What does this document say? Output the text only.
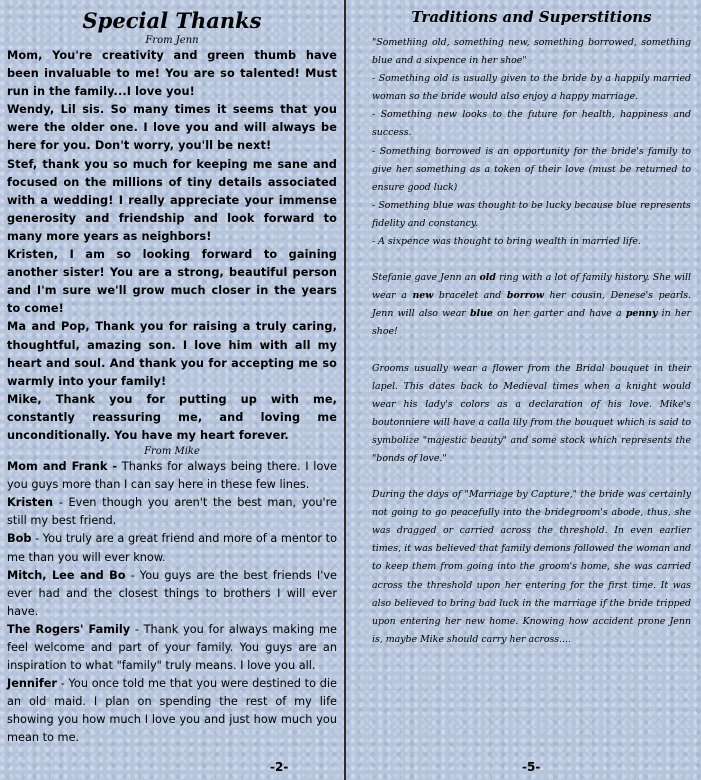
Special Thanks

From Jenn

Mom, You're creativity and green thumb have been invaluable to me! You are so talented! Must run in the family...I love you!

Wendy, Lil sis. So many times it seems that you were the older one. I love you and will always be here for you. Don't worry, you'll be next!

Stef, thank you so much for keeping me sane and focused on the millions of tiny details associated with a wedding! I really appreciate your immense generosity and friendship and look forward to many more years as neighbors!

Kristen, I am so looking forward to gaining another sister! You are a strong, beautiful person and I'm sure we'll grow much closer in the years to come!

Ma and Pop, Thank you for raising a truly caring, thoughtful, amazing son. I love him with all my heart and soul. And thank you for accepting me so warmly into your family!

Mike, Thank you for putting up with me, constantly reassuring me, and loving me unconditionally. You have my heart forever.

From Mike

Mom and Frank - Thanks for always being there. I love you guys more than I can say here in these few lines.

Kristen - Even though you aren't the best man, you're still my best friend.

Bob - You truly are a great friend and more of a mentor to me than you will ever know.

Mitch, Lee and Bo - You guys are the best friends I've ever had and the closest things to brothers I will ever have.

The Rogers' Family - Thank you for always making me feel welcome and part of your family. You guys are an inspiration to what "family" truly means. I love you all.

Jennifer - You once told me that you were destined to die an old maid. I plan on spending the rest of my life showing you how much I love you and just how much you mean to me.

-2-
Traditions and Superstitions

"Something old, something new, something borrowed, something blue and a sixpence in her shoe"

- Something old is usually given to the bride by a happily married woman so the bride would also enjoy a happy marriage.

- Something new looks to the future for health, happiness and success.

- Something borrowed is an opportunity for the bride's family to give her something as a token of their love (must be returned to ensure good luck)

- Something blue was thought to be lucky because blue represents fidelity and constancy.

- A sixpence was thought to bring wealth in married life.

Stefanie gave Jenn an old ring with a lot of family history. She will wear a new bracelet and borrow her cousin, Denese's pearls. Jenn will also wear blue on her garter and have a penny in her shoe!

Grooms usually wear a flower from the Bridal bouquet in their lapel. This dates back to Medieval times when a knight would wear his lady's colors as a declaration of his love. Mike's boutonniere will have a calla lily from the bouquet which is said to symbolize "majestic beauty" and some stock which represents the "bonds of love."

During the days of "Marriage by Capture," the bride was certainly not going to go peacefully into the bridegroom's abode, thus, she was dragged or carried across the threshold. In even earlier times, it was believed that family demons followed the woman and to keep them from going into the groom's home, she was carried across the threshold upon her entering for the first time. It was also believed to bring bad luck in the marriage if the bride tripped upon entering her new home. Knowing how accident prone Jenn is, maybe Mike should carry her across....

-5-
